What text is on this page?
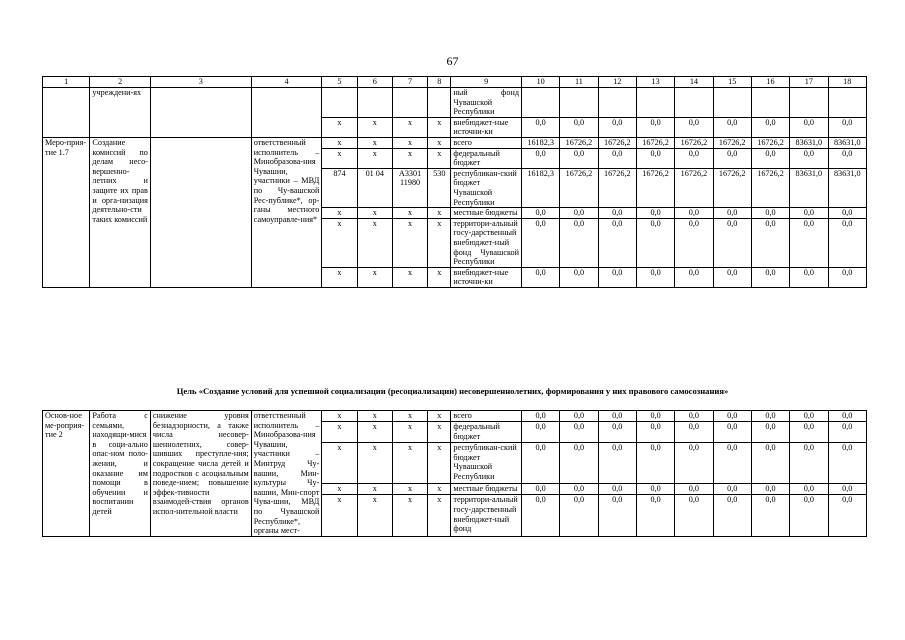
67
1	2	3	4	5	6	7	8	9	10	11	12	13	14	15	16	17	18
	учреждени-ях							ный фонд Чувашской Республики									
				x	x	x	x	внебюджет-ные источни-ки	0,0	0,0	0,0	0,0	0,0	0,0	0,0	0,0	0,0
Меро-прия-тие 1.7	Создание комиссий по делам несо-вершенно-летних и защите их прав и орга-низация деятельно-сти таких комиссий		ответственный исполнитель – Минобразова-ния Чувашии, участники – МВД по Чу-вашской Рес-публике*, ор-ганы местного самоуправле-ния*	x	x	x	x	всего	16182,3	16726,2	16726,2	16726,2	16726,2	16726,2	16726,2	83631,0	83631,0
				x	x	x	x	федеральный бюджет	0,0	0,0	0,0	0,0	0,0	0,0	0,0	0,0	0,0
				874	01 04	А3301 11980	530	республикан-ский бюджет Чувашской Республики	16182,3	16726,2	16726,2	16726,2	16726,2	16726,2	16726,2	83631,0	83631,0
				x	x	x	x	местные бюджеты	0,0	0,0	0,0	0,0	0,0	0,0	0,0	0,0	0,0
				x	x	x	x	территори-альный госу-дарственный внебюджет-ный фонд Чувашской Республики	0,0	0,0	0,0	0,0	0,0	0,0	0,0	0,0	0,0
				x	x	x	x	внебюджет-ные источни-ки	0,0	0,0	0,0	0,0	0,0	0,0	0,0	0,0	0,0
Цель «Создание условий для успешной социализации (ресоциализации) несовершеннолетних, формирования у них правового самосознания»
Основ-ное ме-роприя-тие 2	Работа с семьями, находящи-мися в соци-ально опас-ном поло-жении, и оказание им помощи в обучении и воспитании детей	снижение уровня безнадзорности, а также числа несовер-шеннолетних, совер-шивших преступле-ния; сокращение числа детей и подростков с асоциальным поведе-нием; повышение эффек-тивности взаимодей-ствия органов испол-нительной власти	ответственный исполнитель – Минобразова-ния Чувашии, участники – Минтруд Чу-вашии, Мин-культуры Чу-вашии, Мин-спорт Чува-шии, МВД по Чувашской Республике*, органы мест-	x	x	x	x	всего	0,0	0,0	0,0	0,0	0,0	0,0	0,0	0,0	0,0
				x	x	x	x	федеральный бюджет	0,0	0,0	0,0	0,0	0,0	0,0	0,0	0,0	0,0
				x	x	x	x	республикан-ский бюджет Чувашской Республики	0,0	0,0	0,0	0,0	0,0	0,0	0,0	0,0	0,0
				x	x	x	x	местные бюджеты	0,0	0,0	0,0	0,0	0,0	0,0	0,0	0,0	0,0
				x	x	x	x	территори-альный госу-дарственный внебюджет-ный фонд	0,0	0,0	0,0	0,0	0,0	0,0	0,0	0,0	0,0
